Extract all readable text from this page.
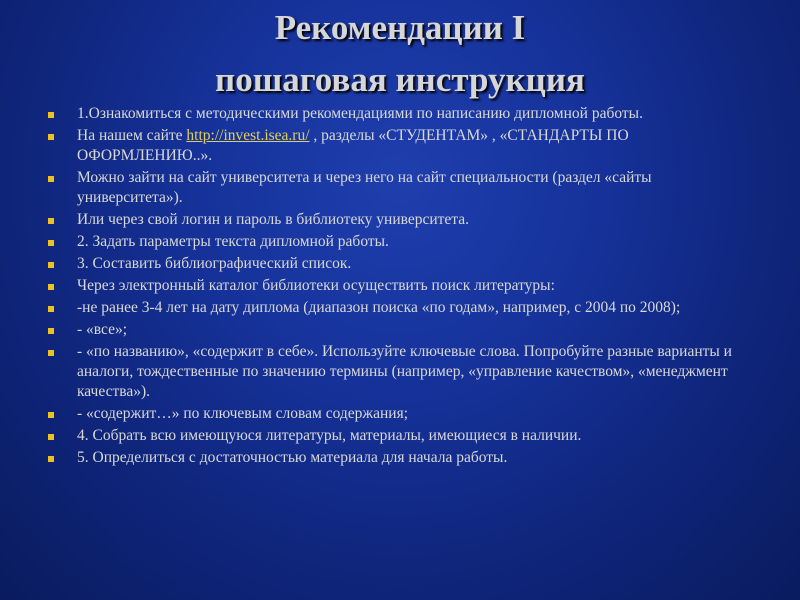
Рекомендации I
пошаговая инструкция
1.Ознакомиться с методическими рекомендациями по написанию дипломной работы.
На нашем сайте http://invest.isea.ru/ , разделы «СТУДЕНТАМ» , «СТАНДАРТЫ ПО ОФОРМЛЕНИЮ..».
Можно зайти на сайт университета и через него на сайт специальности (раздел «сайты университета»).
Или через свой логин и пароль в библиотеку университета.
2. Задать параметры текста дипломной работы.
3. Составить библиографический список.
Через электронный каталог библиотеки осуществить поиск литературы:
-не ранее 3-4 лет на дату диплома (диапазон поиска «по годам», например, с 2004 по 2008);
- «все»;
- «по названию», «содержит в себе». Используйте ключевые слова. Попробуйте разные варианты и аналоги, тождественные по значению термины (например, «управление качеством», «менеджмент качества»).
- «содержит…» по ключевым словам содержания;
4. Собрать всю имеющуюся литературы, материалы, имеющиеся в наличии.
5. Определиться с достаточностью материала для начала работы.
